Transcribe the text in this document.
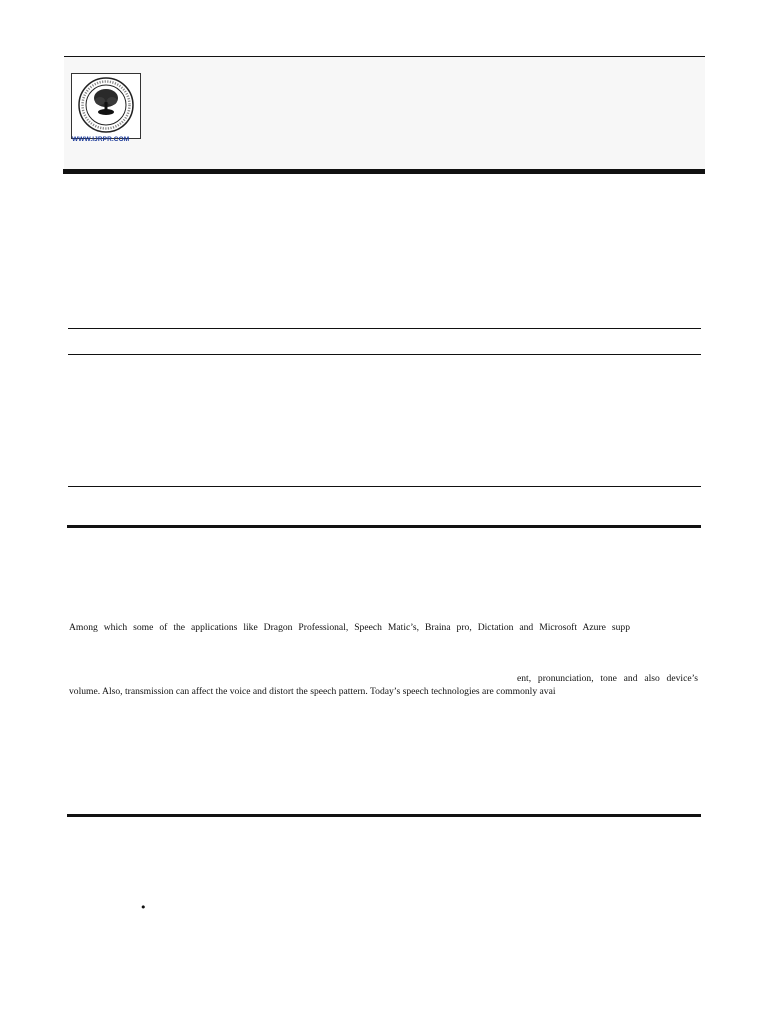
WWW.IJRPR.COM
Among which some of the applications like Dragon Professional, Speech Matic’s, Braina pro, Dictation and Microsoft Azure supp
ent, pronunciation, tone and also device’s
volume. Also, transmission can affect the voice and distort the speech pattern. Today’s speech technologies are commonly avai
•
